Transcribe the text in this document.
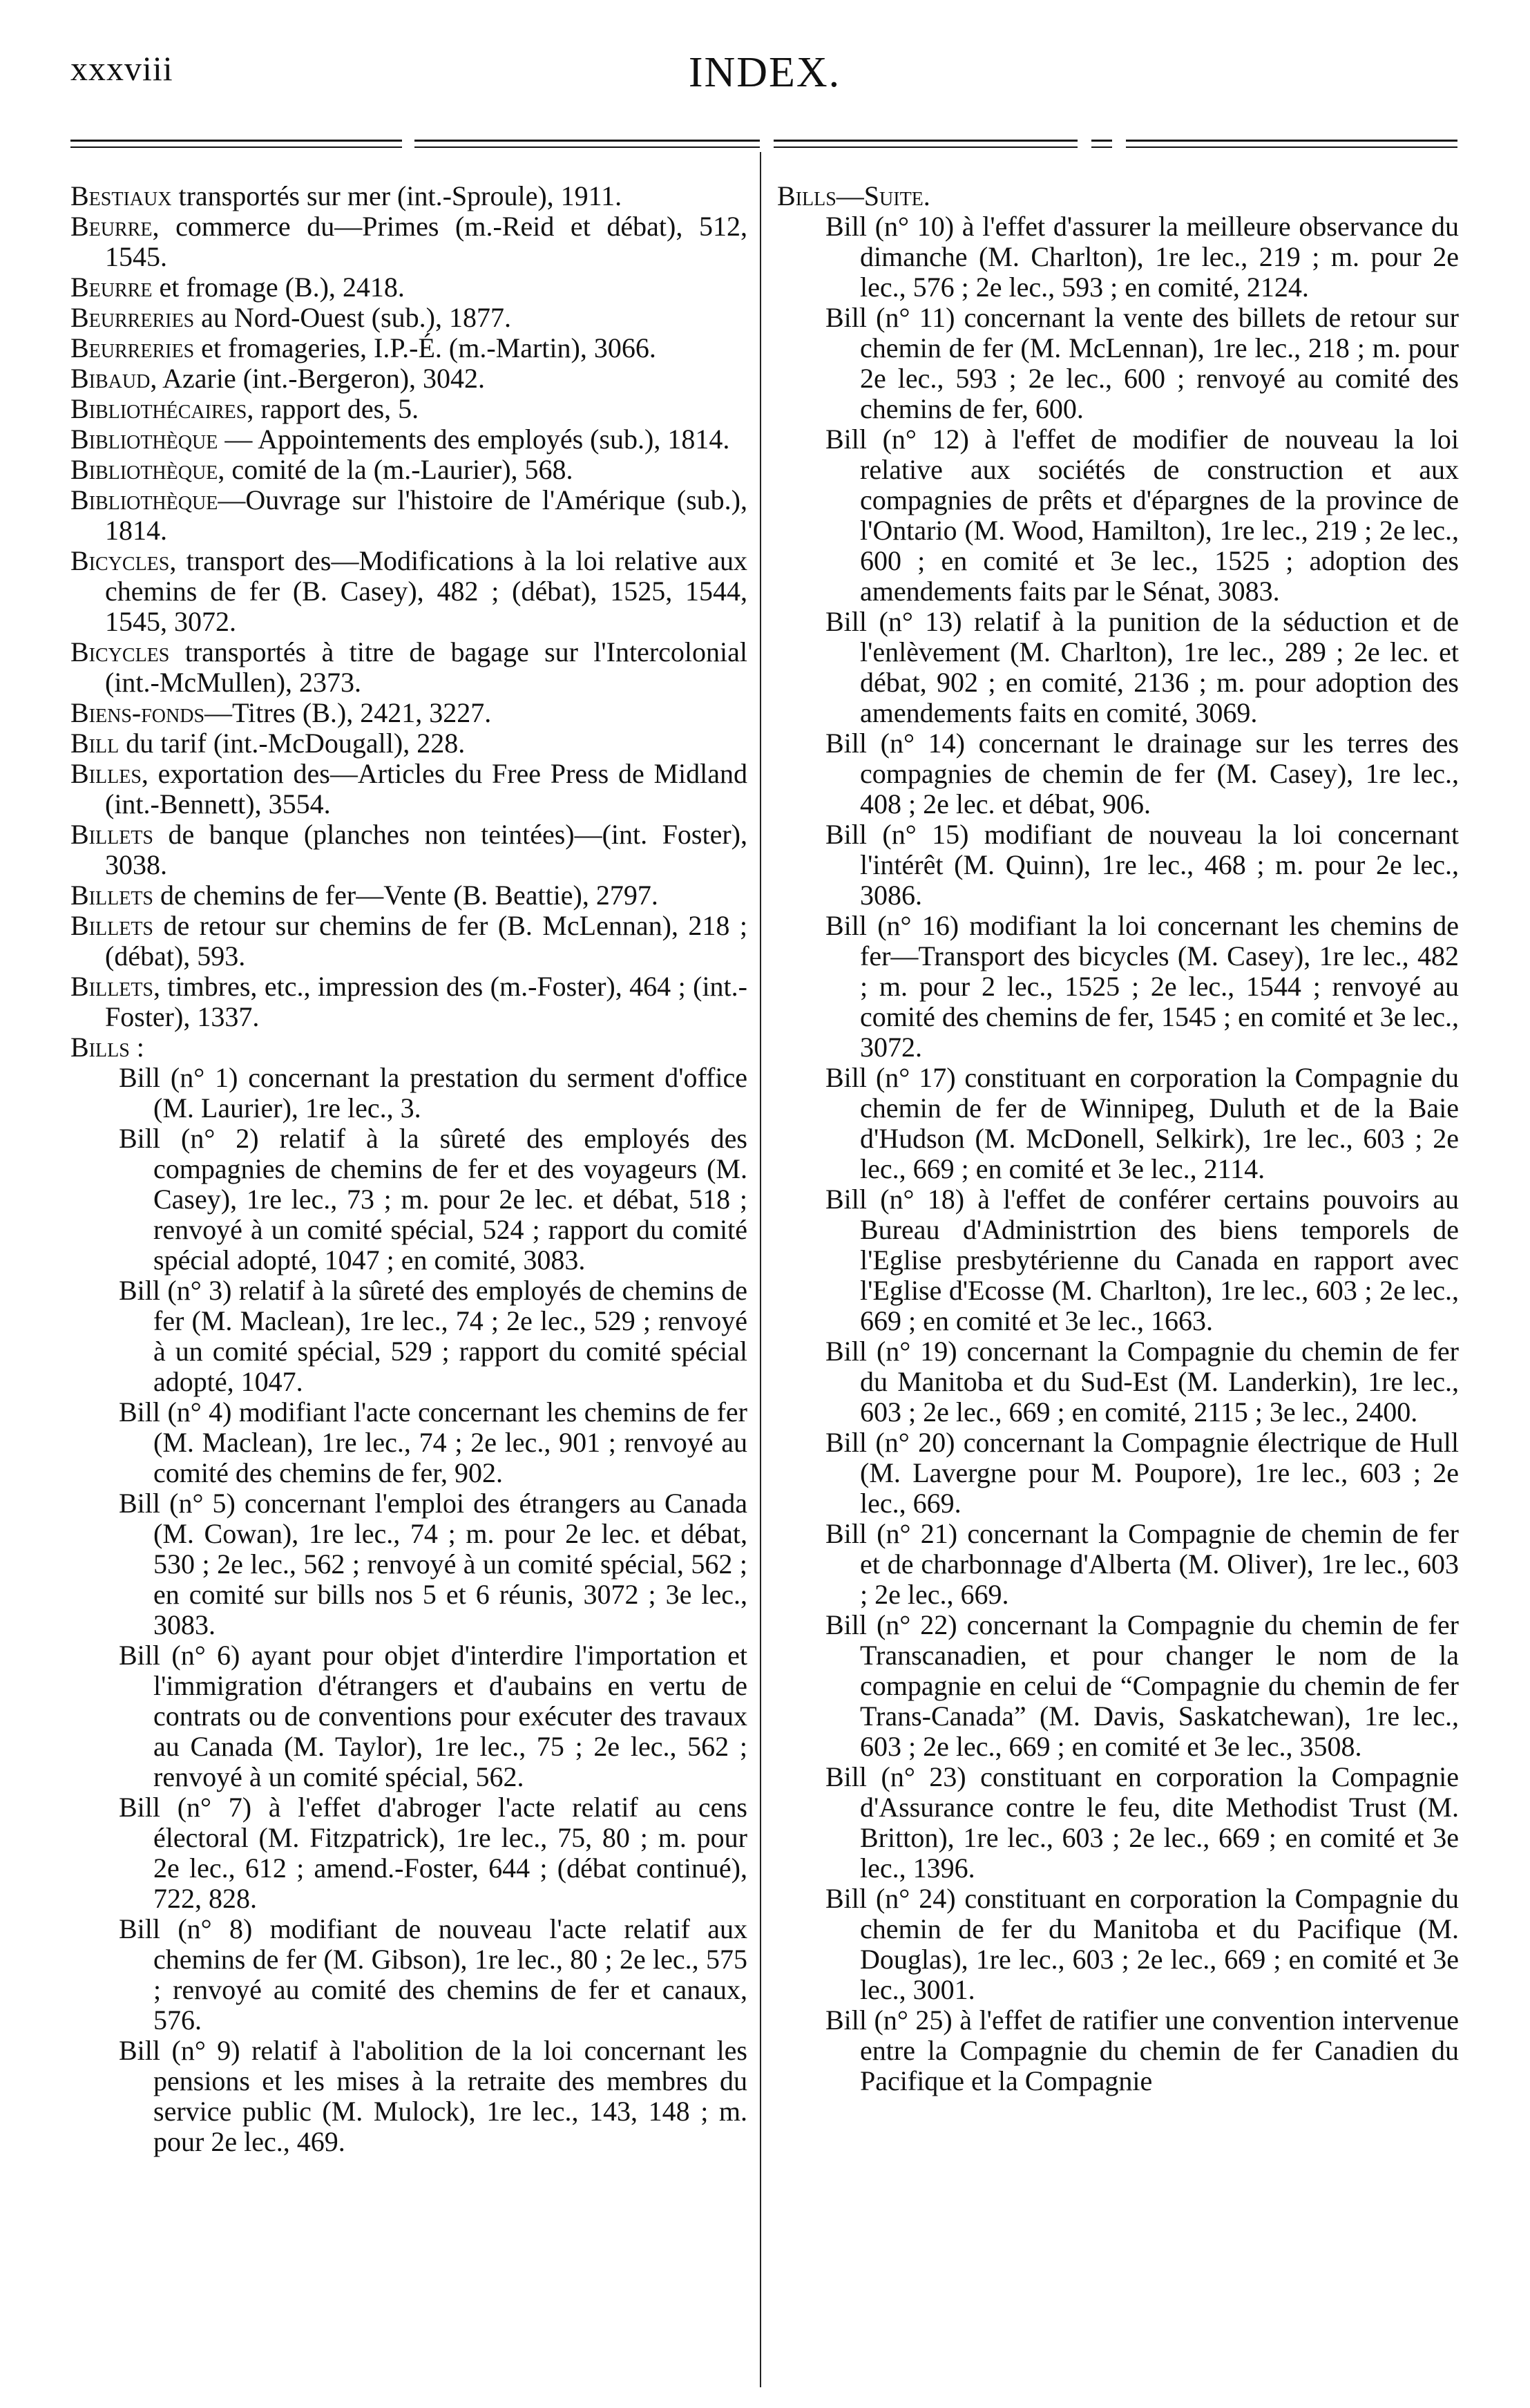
xxxviii	INDEX.

Bestiaux transportés sur mer (int.-Sproule), 1911.

Beurre, commerce du—Primes (m.-Reid et débat), 512, 1545.

Beurre et fromage (B.), 2418.

Beurreries au Nord-Ouest (sub.), 1877.

Beurreries et fromageries, I.P.-É. (m.-Martin), 3066.

Bibaud, Azarie (int.-Bergeron), 3042.

Bibliothécaires, rapport des, 5.

Bibliothèque — Appointements des employés (sub.), 1814.

Bibliothèque, comité de la (m.-Laurier), 568.

Bibliothèque—Ouvrage sur l'histoire de l'Amérique (sub.), 1814.

Bicycles, transport des—Modifications à la loi relative aux chemins de fer (B. Casey), 482 ; (débat), 1525, 1544, 1545, 3072.

Bicycles transportés à titre de bagage sur l'Intercolonial (int.-McMullen), 2373.

Biens-fonds—Titres (B.), 2421, 3227.

Bill du tarif (int.-McDougall), 228.

Billes, exportation des—Articles du Free Press de Midland (int.-Bennett), 3554.

Billets de banque (planches non teintées)—(int. Foster), 3038.

Billets de chemins de fer—Vente (B. Beattie), 2797.

Billets de retour sur chemins de fer (B. McLennan), 218 ; (débat), 593.

Billets, timbres, etc., impression des (m.-Foster), 464 ; (int.-Foster), 1337.

Bills :

Bill (n° 1) concernant la prestation du serment d'office (M. Laurier), 1re lec., 3.

Bill (n° 2) relatif à la sûreté des employés des compagnies de chemins de fer et des voyageurs (M. Casey), 1re lec., 73 ; m. pour 2e lec. et débat, 518 ; renvoyé à un comité spécial, 524 ; rapport du comité spécial adopté, 1047 ; en comité, 3083.

Bill (n° 3) relatif à la sûreté des employés de chemins de fer (M. Maclean), 1re lec., 74 ; 2e lec., 529 ; renvoyé à un comité spécial, 529 ; rapport du comité spécial adopté, 1047.

Bill (n° 4) modifiant l'acte concernant les chemins de fer (M. Maclean), 1re lec., 74 ; 2e lec., 901 ; renvoyé au comité des chemins de fer, 902.

Bill (n° 5) concernant l'emploi des étrangers au Canada (M. Cowan), 1re lec., 74 ; m. pour 2e lec. et débat, 530 ; 2e lec., 562 ; renvoyé à un comité spécial, 562 ; en comité sur bills nos 5 et 6 réunis, 3072 ; 3e lec., 3083.

Bill (n° 6) ayant pour objet d'interdire l'importation et l'immigration d'étrangers et d'aubains en vertu de contrats ou de conventions pour exécuter des travaux au Canada (M. Taylor), 1re lec., 75 ; 2e lec., 562 ; renvoyé à un comité spécial, 562.

Bill (n° 7) à l'effet d'abroger l'acte relatif au cens électoral (M. Fitzpatrick), 1re lec., 75, 80 ; m. pour 2e lec., 612 ; amend.-Foster, 644 ; (débat continué), 722, 828.

Bill (n° 8) modifiant de nouveau l'acte relatif aux chemins de fer (M. Gibson), 1re lec., 80 ; 2e lec., 575 ; renvoyé au comité des chemins de fer et canaux, 576.

Bill (n° 9) relatif à l'abolition de la loi concernant les pensions et les mises à la retraite des membres du service public (M. Mulock), 1re lec., 143, 148 ; m. pour 2e lec., 469.

Bills—Suite.

Bill (n° 10) à l'effet d'assurer la meilleure observance du dimanche (M. Charlton), 1re lec., 219 ; m. pour 2e lec., 576 ; 2e lec., 593 ; en comité, 2124.

Bill (n° 11) concernant la vente des billets de retour sur chemin de fer (M. McLennan), 1re lec., 218 ; m. pour 2e lec., 593 ; 2e lec., 600 ; renvoyé au comité des chemins de fer, 600.

Bill (n° 12) à l'effet de modifier de nouveau la loi relative aux sociétés de construction et aux compagnies de prêts et d'épargnes de la province de l'Ontario (M. Wood, Hamilton), 1re lec., 219 ; 2e lec., 600 ; en comité et 3e lec., 1525 ; adoption des amendements faits par le Sénat, 3083.

Bill (n° 13) relatif à la punition de la séduction et de l'enlèvement (M. Charlton), 1re lec., 289 ; 2e lec. et débat, 902 ; en comité, 2136 ; m. pour adoption des amendements faits en comité, 3069.

Bill (n° 14) concernant le drainage sur les terres des compagnies de chemin de fer (M. Casey), 1re lec., 408 ; 2e lec. et débat, 906.

Bill (n° 15) modifiant de nouveau la loi concernant l'intérêt (M. Quinn), 1re lec., 468 ; m. pour 2e lec., 3086.

Bill (n° 16) modifiant la loi concernant les chemins de fer—Transport des bicycles (M. Casey), 1re lec., 482 ; m. pour 2 lec., 1525 ; 2e lec., 1544 ; renvoyé au comité des chemins de fer, 1545 ; en comité et 3e lec., 3072.

Bill (n° 17) constituant en corporation la Compagnie du chemin de fer de Winnipeg, Duluth et de la Baie d'Hudson (M. McDonell, Selkirk), 1re lec., 603 ; 2e lec., 669 ; en comité et 3e lec., 2114.

Bill (n° 18) à l'effet de conférer certains pouvoirs au Bureau d'Administrtion des biens temporels de l'Eglise presbytérienne du Canada en rapport avec l'Eglise d'Ecosse (M. Charlton), 1re lec., 603 ; 2e lec., 669 ; en comité et 3e lec., 1663.

Bill (n° 19) concernant la Compagnie du chemin de fer du Manitoba et du Sud-Est (M. Landerkin), 1re lec., 603 ; 2e lec., 669 ; en comité, 2115 ; 3e lec., 2400.

Bill (n° 20) concernant la Compagnie électrique de Hull (M. Lavergne pour M. Poupore), 1re lec., 603 ; 2e lec., 669.

Bill (n° 21) concernant la Compagnie de chemin de fer et de charbonnage d'Alberta (M. Oliver), 1re lec., 603 ; 2e lec., 669.

Bill (n° 22) concernant la Compagnie du chemin de fer Transcanadien, et pour changer le nom de la compagnie en celui de “Compagnie du chemin de fer Trans-Canada” (M. Davis, Saskatchewan), 1re lec., 603 ; 2e lec., 669 ; en comité et 3e lec., 3508.

Bill (n° 23) constituant en corporation la Compagnie d'Assurance contre le feu, dite Methodist Trust (M. Britton), 1re lec., 603 ; 2e lec., 669 ; en comité et 3e lec., 1396.

Bill (n° 24) constituant en corporation la Compagnie du chemin de fer du Manitoba et du Pacifique (M. Douglas), 1re lec., 603 ; 2e lec., 669 ; en comité et 3e lec., 3001.

Bill (n° 25) à l'effet de ratifier une convention intervenue entre la Compagnie du chemin de fer Canadien du Pacifique et la Compagnie
